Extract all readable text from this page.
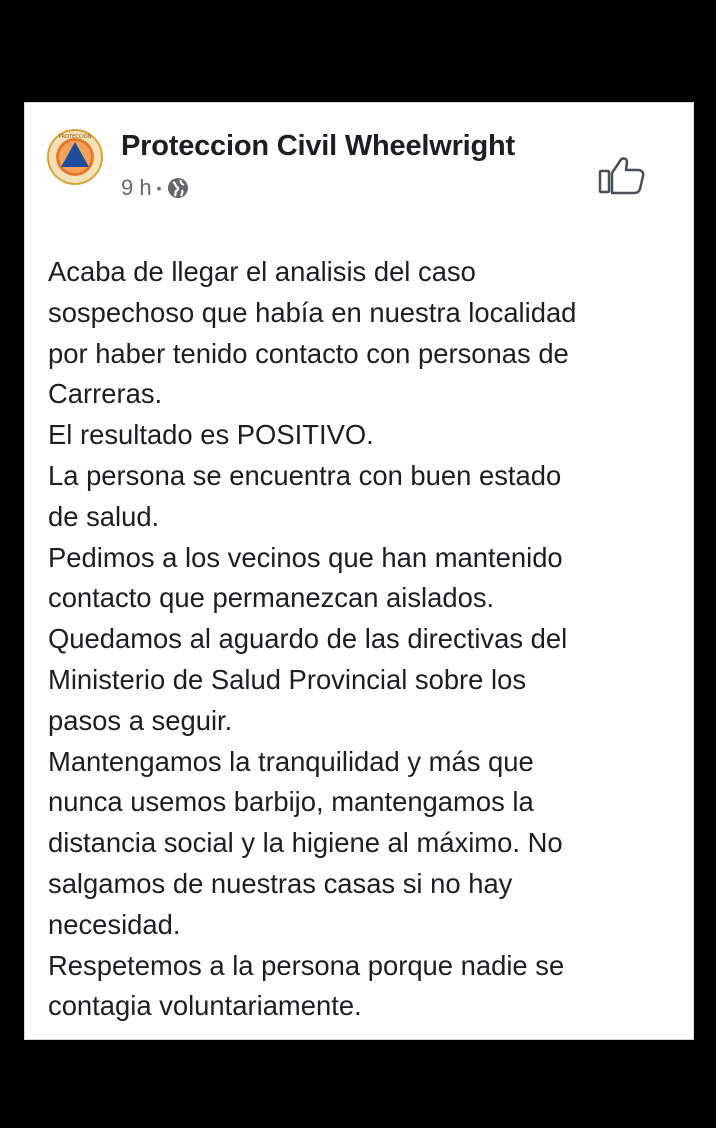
PROTECCIÓN Proteccion Civil Wheelwright
9 h •
Acaba de llegar el analisis del caso
sospechoso que había en nuestra localidad
por haber tenido contacto con personas de
Carreras.
El resultado es POSITIVO.
La persona se encuentra con buen estado
de salud.
Pedimos a los vecinos que han mantenido
contacto que permanezcan aislados.
Quedamos al aguardo de las directivas del
Ministerio de Salud Provincial sobre los
pasos a seguir.
Mantengamos la tranquilidad y más que
nunca usemos barbijo, mantengamos la
distancia social y la higiene al máximo. No
salgamos de nuestras casas si no hay
necesidad.
Respetemos a la persona porque nadie se
contagia voluntariamente.
